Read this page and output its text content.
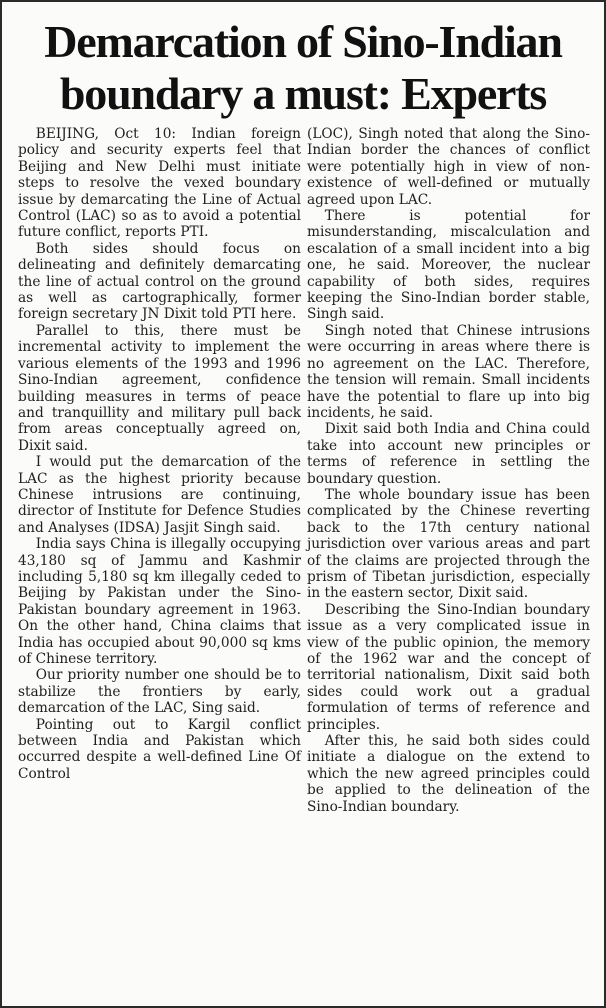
Demarcation of Sino-Indian
boundary a must: Experts

BEIJING, Oct 10: Indian foreign policy and security experts feel that Beijing and New Delhi must initiate steps to resolve the vexed boundary issue by demarcating the Line of Actual Control (LAC) so as to avoid a potential future conflict, reports PTI.

Both sides should focus on delineating and definitely demarcating the line of actual control on the ground as well as cartographically, former foreign secretary JN Dixit told PTI here.

Parallel to this, there must be incremental activity to implement the various elements of the 1993 and 1996 Sino-Indian agreement, confidence building measures in terms of peace and tranquillity and military pull back from areas conceptually agreed on, Dixit said.

I would put the demarcation of the LAC as the highest priority because Chinese intrusions are continuing, director of Institute for Defence Studies and Analyses (IDSA) Jasjit Singh said.

India says China is illegally occupying 43,180 sq of Jammu and Kashmir including 5,180 sq km illegally ceded to Beijing by Pakistan under the Sino-Pakistan boundary agreement in 1963. On the other hand, China claims that India has occupied about 90,000 sq kms of Chinese territory.

Our priority number one should be to stabilize the frontiers by early, demarcation of the LAC, Sing said.

Pointing out to Kargil conflict between India and Pakistan which occurred despite a well-defined Line Of Control

(LOC), Singh noted that along the Sino-Indian border the chances of conflict were potentially high in view of non-existence of well-defined or mutually agreed upon LAC.

There is potential for misunderstanding, miscalculation and escalation of a small incident into a big one, he said. Moreover, the nuclear capability of both sides, requires keeping the Sino-Indian border stable, Singh said.

Singh noted that Chinese intrusions were occurring in areas where there is no agreement on the LAC. Therefore, the tension will remain. Small incidents have the potential to flare up into big incidents, he said.

Dixit said both India and China could take into account new principles or terms of reference in settling the boundary question.

The whole boundary issue has been complicated by the Chinese reverting back to the 17th century national jurisdiction over various areas and part of the claims are projected through the prism of Tibetan jurisdiction, especially in the eastern sector, Dixit said.

Describing the Sino-Indian boundary issue as a very complicated issue in view of the public opinion, the memory of the 1962 war and the concept of territorial nationalism, Dixit said both sides could work out a gradual formulation of terms of reference and principles.

After this, he said both sides could initiate a dialogue on the extend to which the new agreed principles could be applied to the delineation of the Sino-Indian boundary.
